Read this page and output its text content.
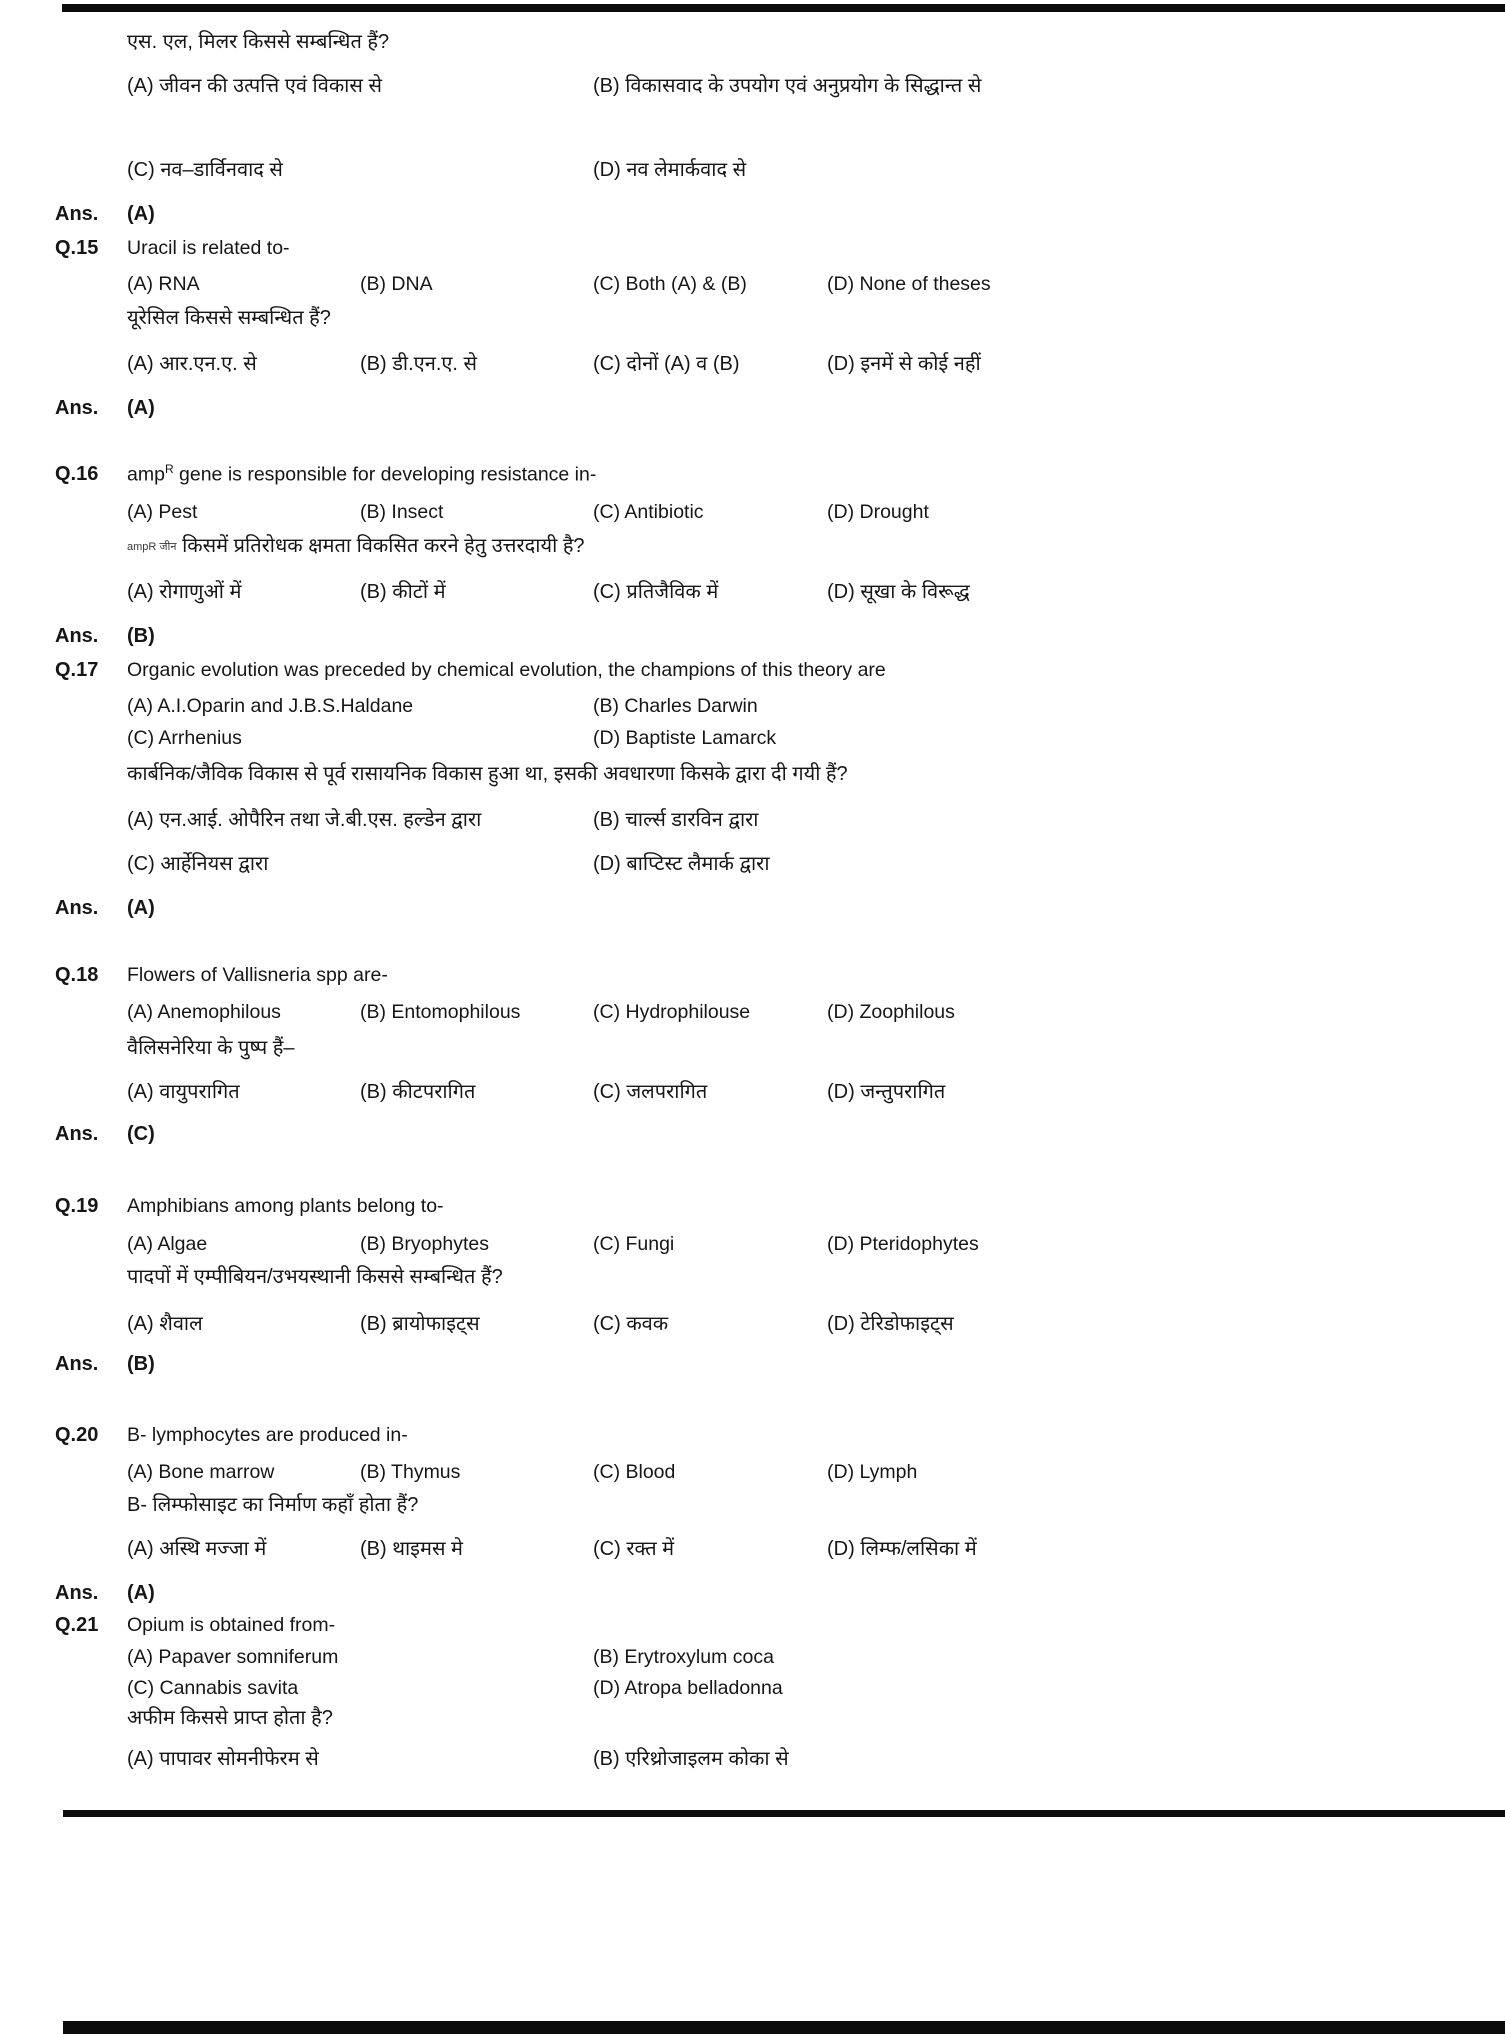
एस. एल, मिलर किससे सम्बन्धित हैं?
(A) जीवन की उत्पत्ति एवं विकास से	(B) विकासवाद के उपयोग एवं अनुप्रयोग के सिद्धान्त से
(C) नव–डार्विनवाद से	(D) नव लेमार्कवाद से
Ans. (A)
Q.15 Uracil is related to-
(A) RNA	(B) DNA	(C) Both (A) & (B)	(D) None of theses
यूरेसिल किससे सम्बन्धित हैं?
(A) आर.एन.ए. से	(B) डी.एन.ए. से	(C) दोनों (A) व (B)	(D) इनमें से कोई नहीं
Ans. (A)
Q.16 amp$^R$ gene is responsible for developing resistance in-
(A) Pest	(B) Insect	(C) Antibiotic	(D) Drought
ampR जीन किसमें प्रतिरोधक क्षमता विकसित करने हेतु उत्तरदायी है?
(A) रोगाणुओं में	(B) कीटों में	(C) प्रतिजैविक में	(D) सूखा के विरूद्ध
Ans. (B)
Q.17 Organic evolution was preceded by chemical evolution, the champions of this theory are
(A) A.I.Oparin and J.B.S.Haldane	(B) Charles Darwin
(C) Arrhenius	(D) Baptiste Lamarck
कार्बनिक/जैविक विकास से पूर्व रासायनिक विकास हुआ था, इसकी अवधारणा किसके द्वारा दी गयी हैं?
(A) एन.आई. ओपैरिन तथा जे.बी.एस. हल्डेन द्वारा	(B) चार्ल्स डारविन द्वारा
(C) आर्हेनियस द्वारा	(D) बाप्टिस्ट लैमार्क द्वारा
Ans. (A)
Q.18 Flowers of Vallisneria spp are-
(A) Anemophilous	(B) Entomophilous	(C) Hydrophilouse	(D) Zoophilous
वैलिसनेरिया के पुष्प हैं–
(A) वायुपरागित	(B) कीटपरागित	(C) जलपरागित	(D) जन्तुपरागित
Ans. (C)
Q.19 Amphibians among plants belong to-
(A) Algae	(B) Bryophytes	(C) Fungi	(D) Pteridophytes
पादपों में एम्पीबियन/उभयस्थानी किससे सम्बन्धित हैं?
(A) शैवाल	(B) ब्रायोफाइट्स	(C) कवक	(D) टेरिडोफाइट्स
Ans. (B)
Q.20 B- lymphocytes are produced in-
(A) Bone marrow	(B) Thymus	(C) Blood	(D) Lymph
B- लिम्फोसाइट का निर्माण कहाँ होता हैं?
(A) अस्थि मज्जा में	(B) थाइमस मे	(C) रक्त में	(D) लिम्फ/लसिका में
Ans. (A)
Q.21 Opium is obtained from-
(A) Papaver somniferum	(B) Erytroxylum coca
(C) Cannabis savita	(D) Atropa belladonna
अफीम किससे प्राप्त होता है?
(A) पापावर सोमनीफेरम से	(B) एरिथ्रोजाइलम कोका से
